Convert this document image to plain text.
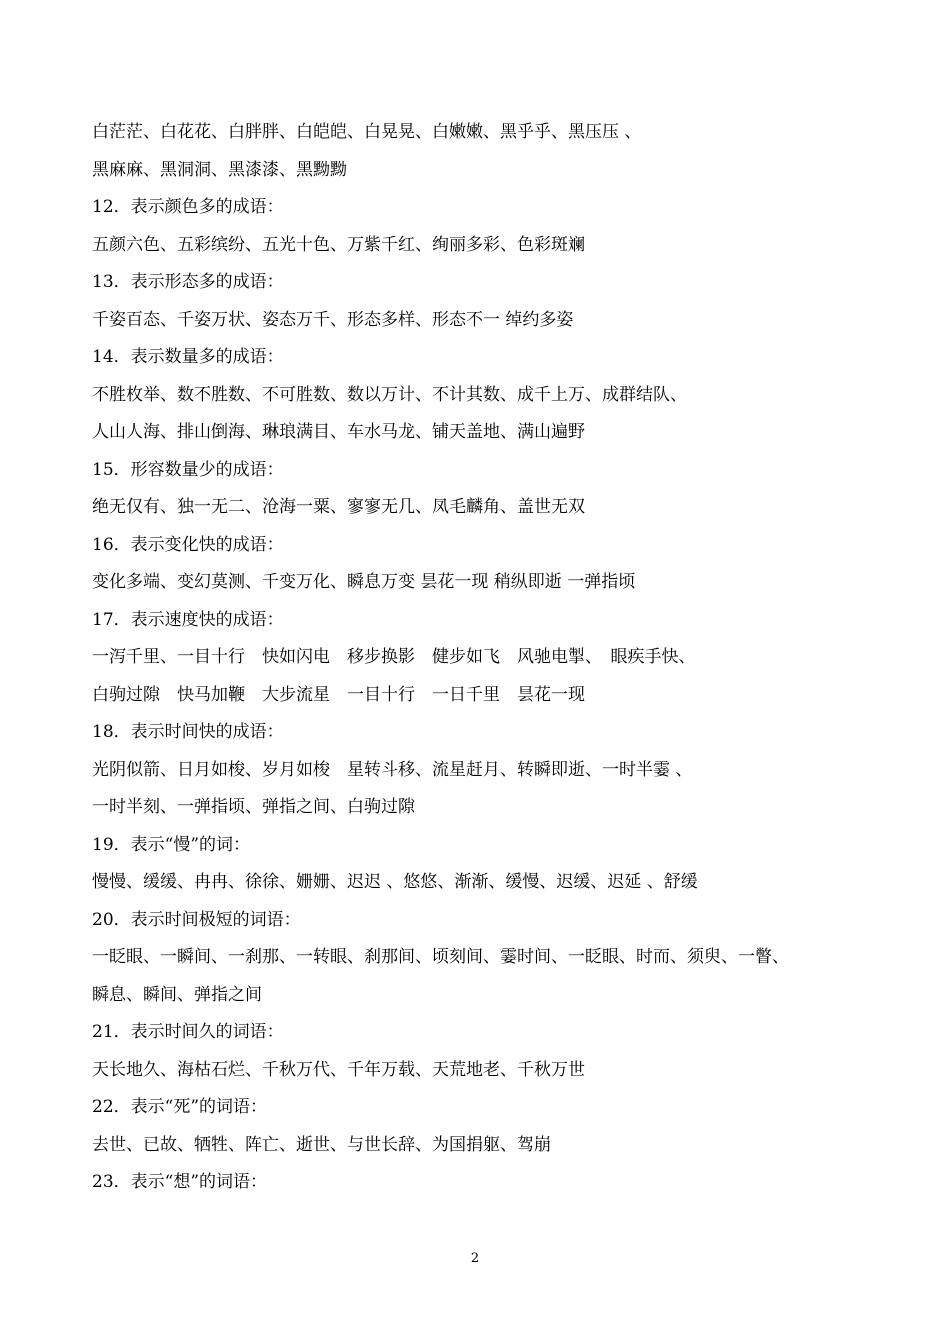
白茫茫、白花花、白胖胖、白皑皑、白晃晃、白嫩嫩、黑乎乎、黑压压 、
黑麻麻、黑洞洞、黑漆漆、黑黝黝
12．表示颜色多的成语：
五颜六色、五彩缤纷、五光十色、万紫千红、绚丽多彩、色彩斑斓
13．表示形态多的成语：
千姿百态、千姿万状、姿态万千、形态多样、形态不一 绰约多姿
14．表示数量多的成语：
不胜枚举、数不胜数、不可胜数、数以万计、不计其数、成千上万、成群结队、
人山人海、排山倒海、琳琅满目、车水马龙、铺天盖地、满山遍野
15．形容数量少的成语：
绝无仅有、独一无二、沧海一粟、寥寥无几、凤毛麟角、盖世无双
16．表示变化快的成语：
变化多端、变幻莫测、千变万化、瞬息万变 昙花一现 稍纵即逝 一弹指顷
17．表示速度快的成语：
一泻千里、一目十行　快如闪电　移步换影　健步如飞　风驰电掣、　眼疾手快、
白驹过隙　快马加鞭　大步流星　一目十行　一日千里　昙花一现
18．表示时间快的成语：
光阴似箭、日月如梭、岁月如梭　星转斗移、流星赶月、转瞬即逝、一时半霎 、
一时半刻、一弹指顷、弹指之间、白驹过隙
19．表示“慢”的词：
慢慢、缓缓、冉冉、徐徐、姗姗、迟迟 、悠悠、渐渐、缓慢、迟缓、迟延 、舒缓
20．表示时间极短的词语：
一眨眼、一瞬间、一刹那、一转眼、刹那间、顷刻间、霎时间、一眨眼、时而、须臾、一瞥、
瞬息、瞬间、弹指之间
21．表示时间久的词语：
天长地久、海枯石烂、千秋万代、千年万载、天荒地老、千秋万世
22．表示“死”的词语：
去世、已故、牺牲、阵亡、逝世、与世长辞、为国捐躯、驾崩
23．表示“想”的词语：
2
